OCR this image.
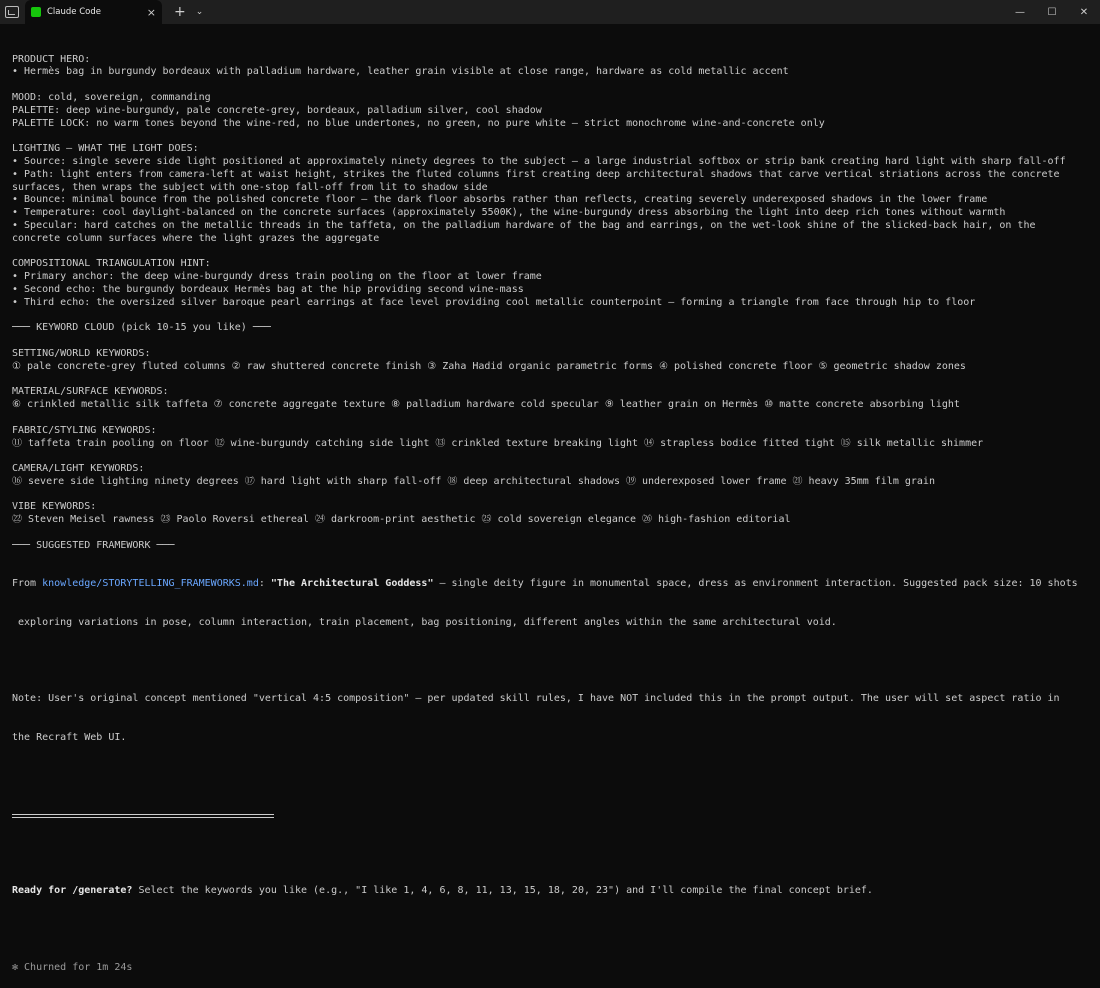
Claude Code	× + ⌄	—	☐	✕

PRODUCT HERO:
• Hermès bag in burgundy bordeaux with palladium hardware, leather grain visible at close range, hardware as cold metallic accent
MOOD: cold, sovereign, commanding
PALETTE: deep wine-burgundy, pale concrete-grey, bordeaux, palladium silver, cool shadow
PALETTE LOCK: no warm tones beyond the wine-red, no blue undertones, no green, no pure white — strict monochrome wine-and-concrete only
LIGHTING — WHAT THE LIGHT DOES:
• Source: single severe side light positioned at approximately ninety degrees to the subject — a large industrial softbox or strip bank creating hard light with sharp fall-off
• Path: light enters from camera-left at waist height, strikes the fluted columns first creating deep architectural shadows that carve vertical striations across the concrete
surfaces, then wraps the subject with one-stop fall-off from lit to shadow side
• Bounce: minimal bounce from the polished concrete floor — the dark floor absorbs rather than reflects, creating severely underexposed shadows in the lower frame
• Temperature: cool daylight-balanced on the concrete surfaces (approximately 5500K), the wine-burgundy dress absorbing the light into deep rich tones without warmth
• Specular: hard catches on the metallic threads in the taffeta, on the palladium hardware of the bag and earrings, on the wet-look shine of the slicked-back hair, on the
concrete column surfaces where the light grazes the aggregate
COMPOSITIONAL TRIANGULATION HINT:
• Primary anchor: the deep wine-burgundy dress train pooling on the floor at lower frame
• Second echo: the burgundy bordeaux Hermès bag at the hip providing second wine-mass
• Third echo: the oversized silver baroque pearl earrings at face level providing cool metallic counterpoint — forming a triangle from face through hip to floor
─── KEYWORD CLOUD (pick 10-15 you like) ───
SETTING/WORLD KEYWORDS:
① pale concrete-grey fluted columns ② raw shuttered concrete finish ③ Zaha Hadid organic parametric forms ④ polished concrete floor ⑤ geometric shadow zones
MATERIAL/SURFACE KEYWORDS:
⑥ crinkled metallic silk taffeta ⑦ concrete aggregate texture ⑧ palladium hardware cold specular ⑨ leather grain on Hermès ⑩ matte concrete absorbing light
FABRIC/STYLING KEYWORDS:
⑪ taffeta train pooling on floor ⑫ wine-burgundy catching side light ⑬ crinkled texture breaking light ⑭ strapless bodice fitted tight ⑮ silk metallic shimmer
CAMERA/LIGHT KEYWORDS:
⑯ severe side lighting ninety degrees ⑰ hard light with sharp fall-off ⑱ deep architectural shadows ⑲ underexposed lower frame ㉑ heavy 35mm film grain
VIBE KEYWORDS:
㉒ Steven Meisel rawness ㉓ Paolo Roversi ethereal ㉔ darkroom-print aesthetic ㉕ cold sovereign elegance ㉖ high-fashion editorial
─── SUGGESTED FRAMEWORK ───

From knowledge/STORYTELLING_FRAMEWORKS.md: "The Architectural Goddess" — single deity figure in monumental space, dress as environment interaction. Suggested pack size: 10 shots

exploring variations in pose, column interaction, train placement, bag positioning, different angles within the same architectural void.

Note: User's original concept mentioned "vertical 4:5 composition" — per updated skill rules, I have NOT included this in the prompt output. The user will set aspect ratio in

the Recraft Web UI.

Ready for /generate? Select the keywords you like (e.g., "I like 1, 4, 6, 8, 11, 13, 15, 18, 20, 23") and I'll compile the final concept brief.

✻ Churned for 1m 24s
